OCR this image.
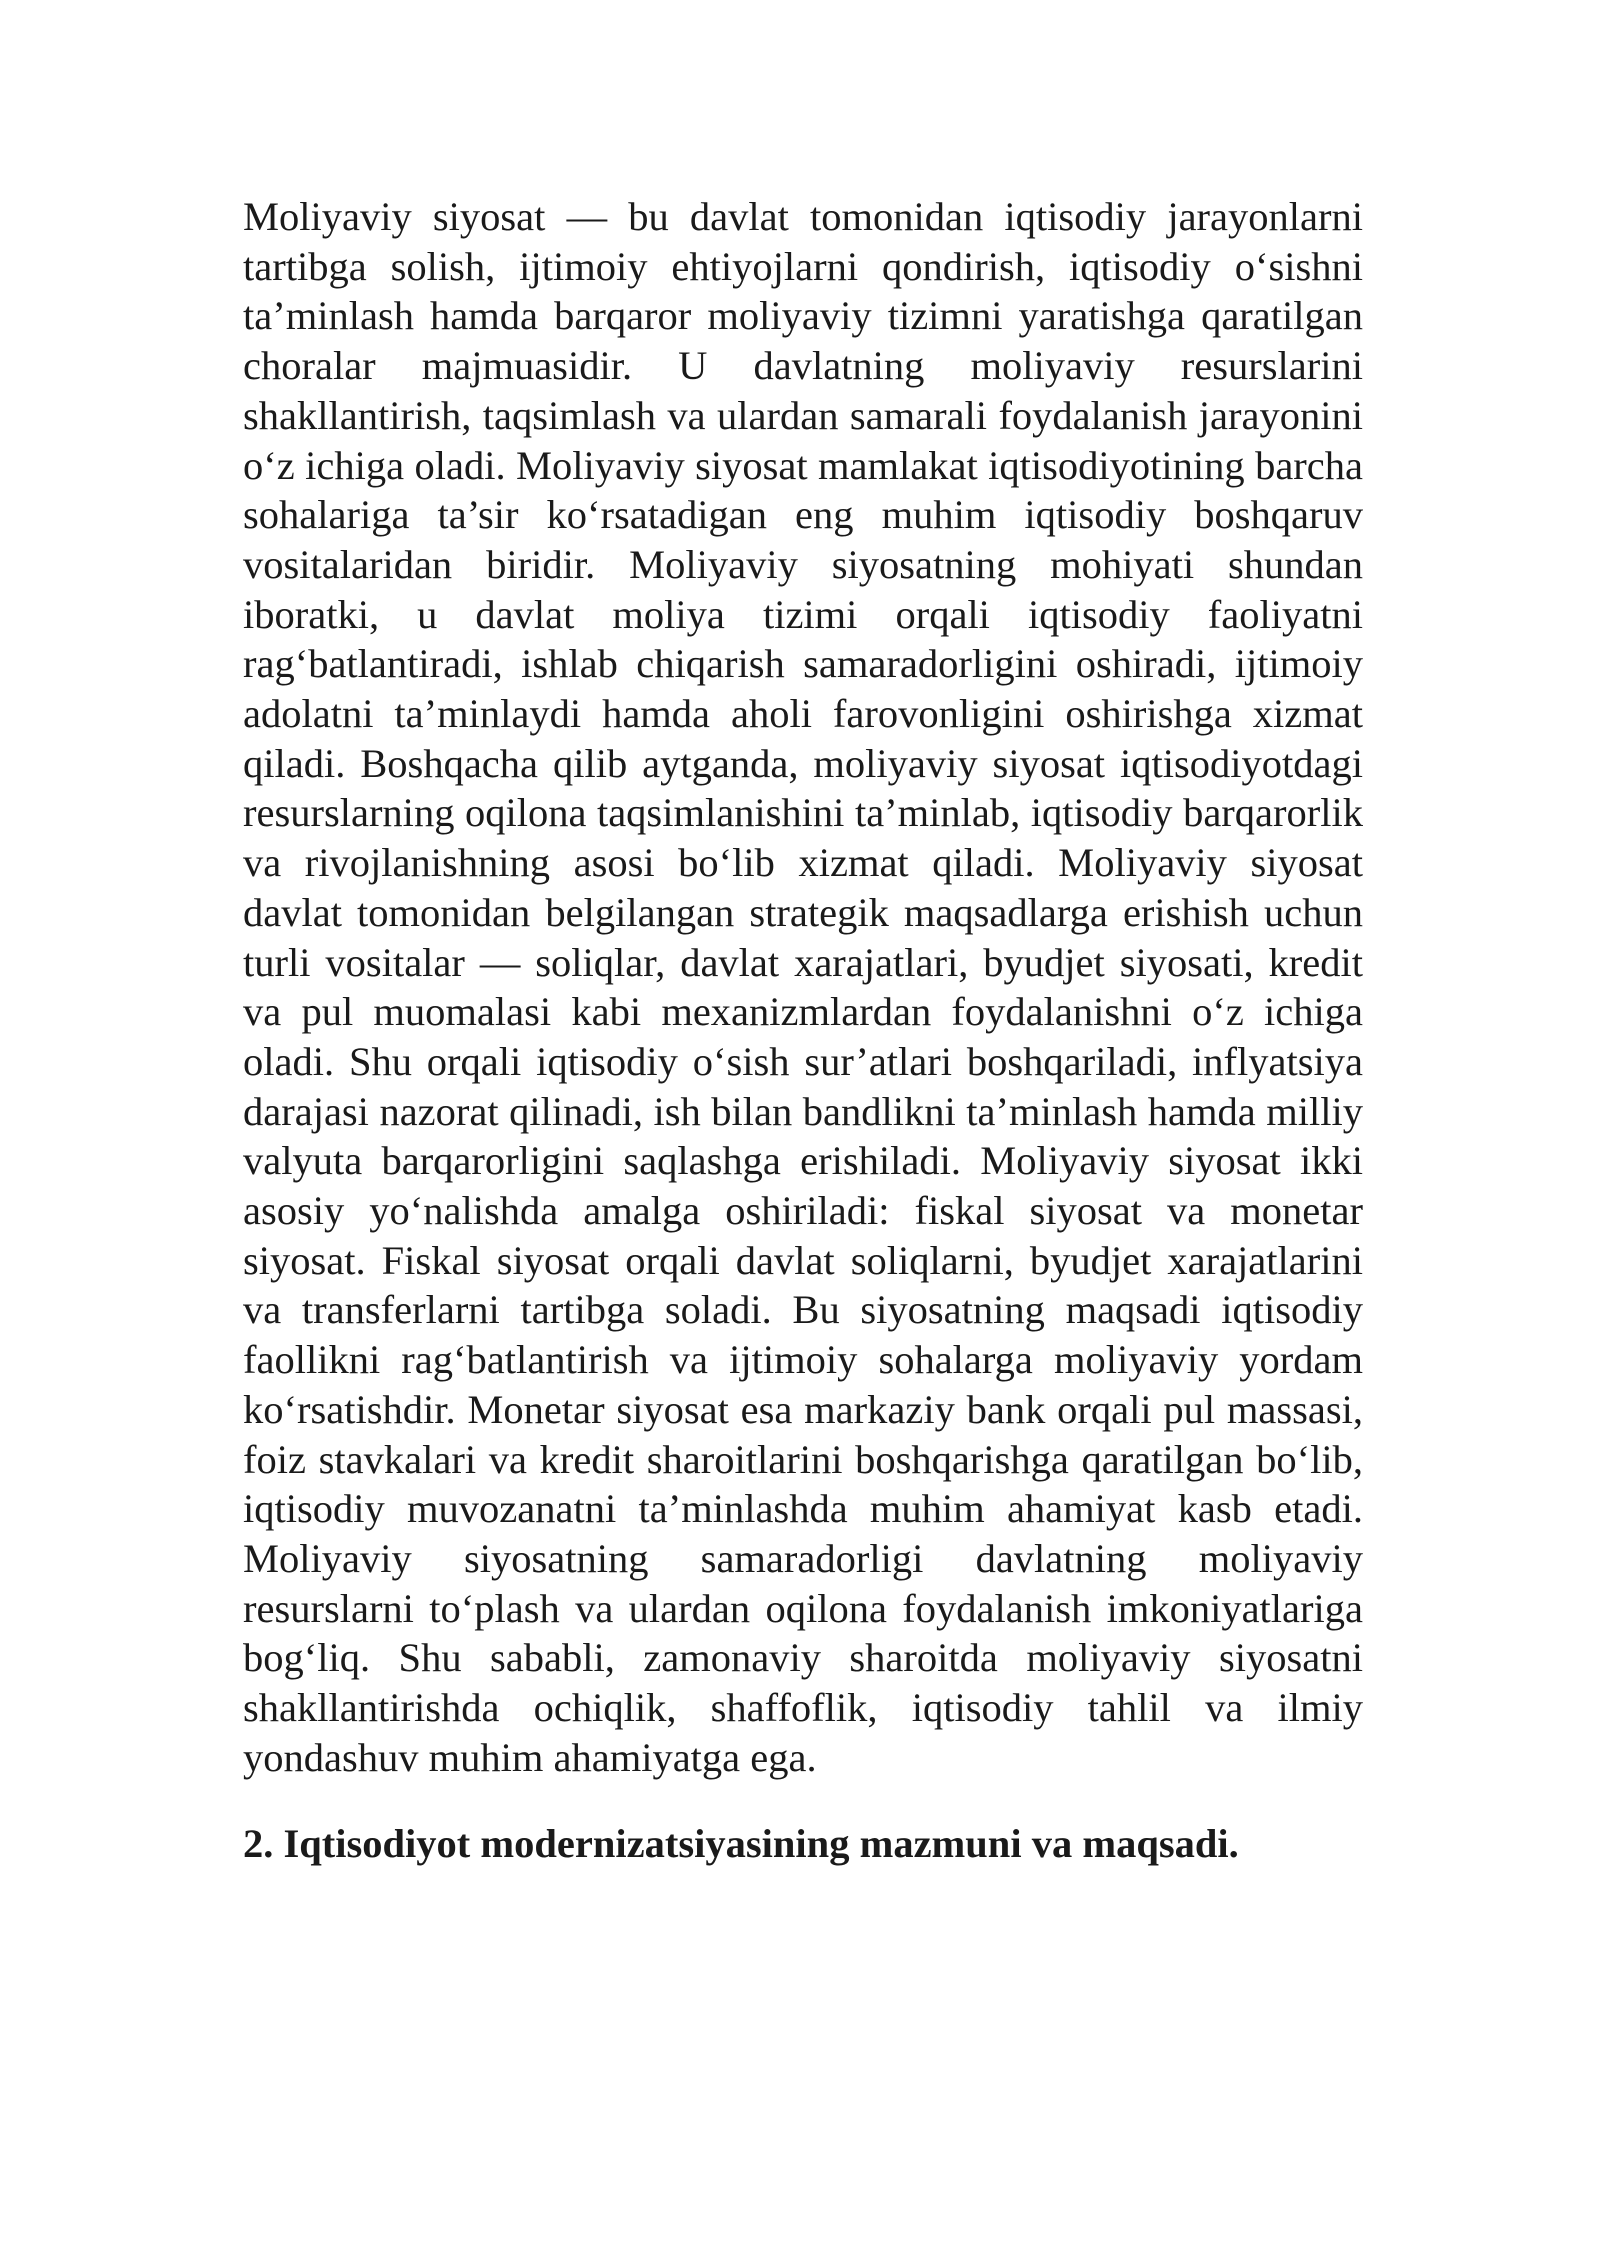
Moliyaviy siyosat — bu davlat tomonidan iqtisodiy jarayonlarni tartibga solish, ijtimoiy ehtiyojlarni qondirish, iqtisodiy o‘sishni ta’minlash hamda barqaror moliyaviy tizimni yaratishga qaratilgan choralar majmuasidir. U davlatning moliyaviy resurslarini shakllantirish, taqsimlash va ulardan samarali foydalanish jarayonini o‘z ichiga oladi. Moliyaviy siyosat mamlakat iqtisodiyotining barcha sohalariga ta’sir ko‘rsatadigan eng muhim iqtisodiy boshqaruv vositalaridan biridir. Moliyaviy siyosatning mohiyati shundan iboratki, u davlat moliya tizimi orqali iqtisodiy faoliyatni rag‘batlantiradi, ishlab chiqarish samaradorligini oshiradi, ijtimoiy adolatni ta’minlaydi hamda aholi farovonligini oshirishga xizmat qiladi. Boshqacha qilib aytganda, moliyaviy siyosat iqtisodiyotdagi resurslarning oqilona taqsimlanishini ta’minlab, iqtisodiy barqarorlik va rivojlanishning asosi bo‘lib xizmat qiladi. Moliyaviy siyosat davlat tomonidan belgilangan strategik maqsadlarga erishish uchun turli vositalar — soliqlar, davlat xarajatlari, byudjet siyosati, kredit va pul muomalasi kabi mexanizmlardan foydalanishni o‘z ichiga oladi. Shu orqali iqtisodiy o‘sish sur’atlari boshqariladi, inflyatsiya darajasi nazorat qilinadi, ish bilan bandlikni ta’minlash hamda milliy valyuta barqarorligini saqlashga erishiladi. Moliyaviy siyosat ikki asosiy yo‘nalishda amalga oshiriladi: fiskal siyosat va monetar siyosat. Fiskal siyosat orqali davlat soliqlarni, byudjet xarajatlarini va transferlarni tartibga soladi. Bu siyosatning maqsadi iqtisodiy faollikni rag‘batlantirish va ijtimoiy sohalarga moliyaviy yordam ko‘rsatishdir. Monetar siyosat esa markaziy bank orqali pul massasi, foiz stavkalari va kredit sharoitlarini boshqarishga qaratilgan bo‘lib, iqtisodiy muvozanatni ta’minlashda muhim ahamiyat kasb etadi. Moliyaviy siyosatning samaradorligi davlatning moliyaviy resurslarni to‘plash va ulardan oqilona foydalanish imkoniyatlariga bog‘liq. Shu sababli, zamonaviy sharoitda moliyaviy siyosatni shakllantirishda ochiqlik, shaffoflik, iqtisodiy tahlil va ilmiy yondashuv muhim ahamiyatga ega.

2. Iqtisodiyot modernizatsiyasining mazmuni va maqsadi.
